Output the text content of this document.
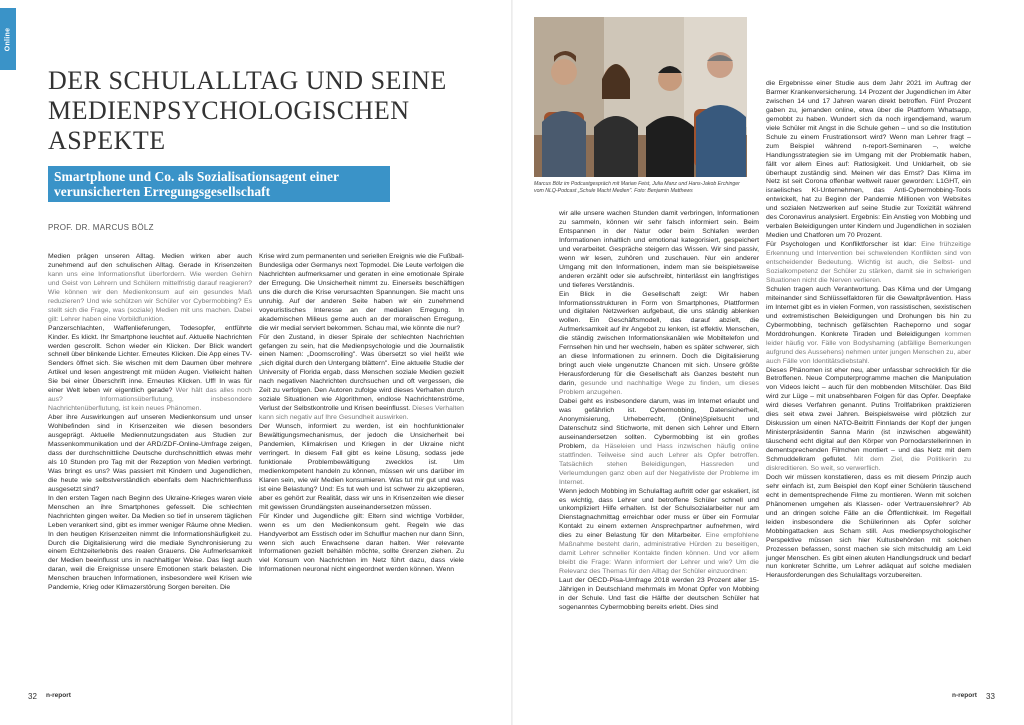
Online
DER SCHULALLTAG UND SEINE MEDIENPSYCHOLOGISCHEN ASPEKTE
Smartphone und Co. als Sozialisationsagent einer verunsicherten Erregungsgesellschaft
PROF. DR. MARCUS BÖLZ

Medien prägen unseren Alltag. Medien wirken aber auch zunehmend auf den schulischen Alltag. Gerade in Krisenzeiten kann uns eine Informationsflut überfordern. Wie werden Gehirn und Geist von Lehrern und Schülern mittelfristig darauf reagieren? Wie können wir den Medienkonsum auf ein gesundes Maß reduzieren? Und wie schützen wir Schüler vor Cybermobbing? Es stellt sich die Frage, was (soziale) Medien mit uns machen. Dabei gilt: Lehrer haben eine Vorbildfunktion.

Panzerschlachten, Waffenlieferungen, Todesopfer, entführte Kinder. Es klickt. Ihr Smartphone leuchtet auf. Aktuelle Nachrichten werden gescrollt. Schon wieder ein Klicken. Der Blick wandert schnell über blinkende Lichter. Erneutes Klicken. Die App eines TV-Senders öffnet sich. Sie wischen mit dem Daumen über mehrere Artikel und lesen angestrengt mit müden Augen. Vielleicht halten Sie bei einer Überschrift inne. Erneutes Klicken. Uff! In was für einer Welt leben wir eigentlich gerade? Wer hält das alles noch aus? Informationsüberflutung, insbesondere Nachrichtenüberflutung, ist kein neues Phänomen.

Aber ihre Auswirkungen auf unseren Medienkonsum und unser Wohlbefinden sind in Krisenzeiten wie diesen besonders ausgeprägt. Aktuelle Mediennutzungsdaten aus Studien zur Massenkommunikation und der ARD/ZDF-Online-Umfrage zeigen, dass der durchschnittliche Deutsche durchschnittlich etwas mehr als 10 Stunden pro Tag mit der Rezeption von Medien verbringt. Was bringt es uns? Was passiert mit Kindern und Jugendlichen, die heute wie selbstverständlich ebenfalls dem Nachrichtenfluss ausgesetzt sind?

In den ersten Tagen nach Beginn des Ukraine-Krieges waren viele Menschen an ihre Smartphones gefesselt. Die schlechten Nachrichten gingen weiter. Da Medien so tief in unserem täglichen Leben verankert sind, gibt es immer weniger Räume ohne Medien. In den heutigen Krisenzeiten nimmt die Informationshäufigkeit zu. Durch die Digitalisierung wird die mediale Synchronisierung zu einem Echtzeiterlebnis des realen Grauens. Die Aufmerksamkeit der Medien beeinflusst uns in nachhaltiger Weise. Das liegt auch daran, weil die Ereignisse unsere Emotionen stark belasten. Die Menschen brauchen Informationen, insbesondere weil Krisen wie Pandemie, Krieg oder Klimazerstörung Sorgen bereiten. Die

Krise wird zum permanenten und seriellen Ereignis wie die Fußball-Bundesliga oder Germanys next Topmodel. Die Leute verfolgen die Nachrichten aufmerksamer und geraten in eine emotionale Spirale der Erregung. Die Unsicherheit nimmt zu. Einerseits beschäftigen uns die durch die Krise verursachten Spannungen. Sie macht uns unruhig. Auf der anderen Seite haben wir ein zunehmend voyeuristisches Interesse an der medialen Erregung. In akademischen Milieus gerne auch an der moralischen Erregung, die wir medial serviert bekommen. Schau mal, wie könnte die nur?

Für den Zustand, in dieser Spirale der schlechten Nachrichten gefangen zu sein, hat die Medienpsychologie und die Journalistik einen Namen: „Doomscrolling". Was übersetzt so viel heißt wie „sich digital durch den Untergang blättern". Eine aktuelle Studie der University of Florida ergab, dass Menschen soziale Medien gezielt nach negativen Nachrichten durchsuchen und oft vergessen, die Zeit zu verfolgen. Den Autoren zufolge wird dieses Verhalten durch soziale Situationen wie Algorithmen, endlose Nachrichtenströme, Verlust der Selbstkontrolle und Krisen beeinflusst. Dieses Verhalten kann sich negativ auf Ihre Gesundheit auswirken.

Der Wunsch, informiert zu werden, ist ein hochfunktionaler Bewältigungsmechanismus, der jedoch die Unsicherheit bei Pandemien, Klimakrisen und Kriegen in der Ukraine nicht verringert. In diesem Fall gibt es keine Lösung, sodass jede funktionale Problembewältigung zwecklos ist. Um medienkompetent handeln zu können, müssen wir uns darüber im Klaren sein, wie wir Medien konsumieren. Was tut mir gut und was ist eine Belastung? Und: Es tut weh und ist schwer zu akzeptieren, aber es gehört zur Realität, dass wir uns in Krisenzeiten wie dieser mit gewissen Grundängsten auseinandersetzen müssen.

Für Kinder und Jugendliche gilt: Eltern sind wichtige Vorbilder, wenn es um den Medienkonsum geht. Regeln wie das Handyverbot am Esstisch oder im Schulflur machen nur dann Sinn, wenn sich auch Erwachsene daran halten. Wer relevante Informationen gezielt beháltén möchte, sollte Grenzen ziehen. Zu viel Konsum von Nachrichten im Netz führt dazu, dass viele Informationen neuronal nicht eingeordnet werden können. Wenn

Marcus Bölz im Podcastgespräch mit Marian Feist, Julia Manz und Hans-Jakob Erchinger vom NLQ-Podcast „Schule Macht Medien". Foto: Benjamin Matthews

wir alle unsere wachen Stunden damit verbringen, Informationen zu sammeln, können wir sehr falsch informiert sein. Beim Entspannen in der Natur oder beim Schlafen werden Informationen inhaltlich und emotional kategorisiert, gespeichert und verarbeitet. Gespräche steigern das Wissen. Wir sind passiv, wenn wir lesen, zuhören und zuschauen. Nur ein anderer Umgang mit den Informationen, indem man sie beispielsweise anderen erzählt oder sie aufschreibt, hinterlässt ein langfristiges und tieferes Verständnis.

Ein Blick in die Gesellschaft zeigt: Wir haben Informationsstrukturen in Form von Smartphones, Plattformen und digitalen Netzwerken aufgebaut, die uns ständig ablenken wollen. Ein Geschäftsmodell, das darauf abzielt, die Aufmerksamkeit auf ihr Angebot zu lenken, ist effektiv. Menschen, die ständig zwischen Informationskanälen wie Mobiltelefon und Fernsehen hin und her wechseln, haben es später schwerer, sich an diese Informationen zu erinnern. Doch die Digitalisierung bringt auch viele ungenutzte Chancen mit sich. Unsere größte Herausforderung für die Gesellschaft als Ganzes besteht nun darin, gesunde und nachhaltige Wege zu finden, um dieses Problem anzugehen.

Dabei geht es insbesondere darum, was im Internet erlaubt und was gefährlich ist. Cybermobbing, Datensicherheit, Anonymisierung, Urheberrecht, (Online)Spielsucht und Datenschutz sind Stichworte, mit denen sich Lehrer und Eltern auseinandersetzen sollten. Cybermobbing ist ein großes Problem, da Häseleien und Hass inzwischen häufig online stattfinden. Teilweise sind auch Lehrer als Opfer betroffen. Tatsächlich stehen Beleidigungen, Hassreden und Verleumdungen ganz oben auf der Negativliste der Probleme im Internet.

Wenn jedoch Mobbing im Schulalltag auftritt oder gar eskaliert, ist es wichtig, dass Lehrer und betroffene Schüler schnell und unkompliziert Hilfe erhalten. Ist der Schulsozialarbeiter nur am Dienstagnachmittag erreichbar oder muss er über ein Formular Kontakt zu einem externen Ansprechpartner aufnehmen, wird dies zu einer Belastung für den Mitarbeiter. Eine empfohlene Maßnahme besteht darin, administrative Hürden zu beseitigen, damit Lehrer schneller Kontakte finden können. Und vor allem bleibt die Frage: Wann informiert der Lehrer und wie? Um die Relevanz des Themas für den Alltag der Schüler einzuordnen:

Laut der OECD-Pisa-Umfrage 2018 werden 23 Prozent aller 15-Jährigen in Deutschland mehrmals im Monat Opfer von Mobbing in der Schule. Und fast die Hälfte der deutschen Schüler hat sogenanntes Cybermobbing bereits erlebt. Dies sind

die Ergebnisse einer Studie aus dem Jahr 2021 im Auftrag der Barmer Krankenversicherung. 14 Prozent der Jugendlichen im Alter zwischen 14 und 17 Jahren waren direkt betroffen. Fünf Prozent gaben zu, jemanden online, etwa über die Plattform Whatsapp, gemobbt zu haben. Wundert sich da noch irgendjemand, warum viele Schüler mit Angst in die Schule gehen – und so die Institution Schule zu einem Frustrationsort wird? Wenn man Lehrer fragt – zum Beispiel während n-report-Seminaren –, welche Handlungsstrategien sie im Umgang mit der Problematik haben, fällt vor allem Eines auf: Ratlosigkeit. Und Unklarheit, ob sie überhaupt zuständig sind. Meinen wir das Ernst? Das Klima im Netz ist seit Corona offenbar weltweit rauer geworden: L1GHT, ein israelisches KI-Unternehmen, das Anti-Cybermobbing-Tools entwickelt, hat zu Beginn der Pandemie Millionen von Websites und sozialen Netzwerken auf seine Studie zur Toxizität während des Coronavirus analysiert. Ergebnis: Ein Anstieg von Mobbing und verbalen Beleidigungen unter Kindern und Jugendlichen in sozialen Medien und Chatforen um 70 Prozent.

Für Psychologen und Konfliktforscher ist klar: Eine frühzeitige Erkennung und Intervention bei schwelenden Konflikten sind von entscheidender Bedeutung. Wichtig ist auch, die Selbst- und Sozialkompetenz der Schüler zu stärken, damit sie in schwierigen Situationen nicht die Nerven verlieren.

Schulen tragen auch Verantwortung. Das Klima und der Umgang miteinander sind Schlüsselfaktoren für die Gewaltprävention. Hass im Internet gibt es in vielen Formen, von rassistischen, sexistischen und extremistischen Beleidigungen und Drohungen bis hin zu Cybermobbing, technisch gefälschten Racheporno und sogar Morddrohungen. Konkrete Tiraden und Beleidigungen kommen leider häufig vor. Fälle von Bodyshaming (abfällige Bemerkungen aufgrund des Aussehens) nehmen unter jungen Menschen zu, aber auch Fälle von Identitätsdiebstahl.

Dieses Phänomen ist eher neu, aber unfassbar schrecklich für die Betroffenen. Neue Computerprogramme machen die Manipulation von Videos leicht – auch für den mobbenden Mitschüler. Das Bild wird zur Lüge – mit unabsehbaren Folgen für das Opfer. Deepfake wird dieses Verfahren genannt. Putins Trollfabriken praktizieren dies seit etwa zwei Jahren. Beispielsweise wird plötzlich zur Diskussion um einen NATO-Beitritt Finnlands der Kopf der jungen Ministerpräsidentin Sanna Marin (ist inzwischen abgewählt) täuschend echt digital auf den Körper von Pornodarstellerinnen in dementsprechenden Filmchen montiert – und das Netz mit dem Schmuddelkram geflutet. Mit dem Ziel, die Politikerin zu diskreditieren. So weit, so verwerflich.

Doch wir müssen konstatieren, dass es mit diesem Prinzip auch sehr einfach ist, zum Beispiel den Kopf einer Schülerin täuschend echt in dementsprechende Filme zu montieren. Wenn mit solchen Phänomenen umgehen als Klassen- oder Vertrauenslehrer? Ab und an dringen solche Fälle an die Öffentlichkeit. Im Regelfall leiden insbesondere die Schülerinnen als Opfer solcher Mobbingattacken aus Scham still. Aus medienpsychologischer Perspektive müssen sich hier Kultusbehörden mit solchen Prozessen befassen, sonst machen sie sich mitschuldig am Leid junger Menschen. Es gibt einen akuten Handlungsdruck und bedarf nun konkreter Schritte, um Lehrer adäquat auf solche medialen Herausforderungen des Schulalltags vorzubereiten.

32 n-report	n-report 33
